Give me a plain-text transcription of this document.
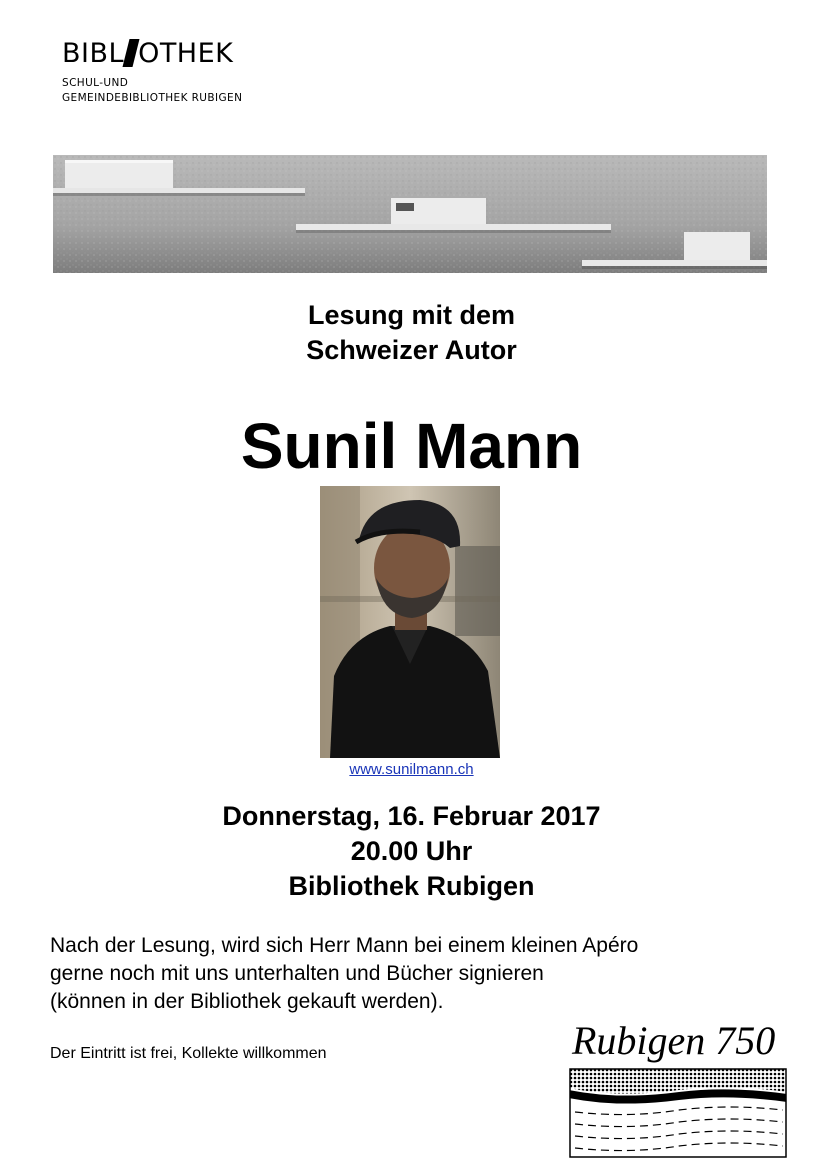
BIBL OTHEK
SCHUL-UND
GEMEINDEBIBLIOTHEK RUBIGEN
Lesung mit dem
Schweizer Autor
Sunil Mann
www.sunilmann.ch
Donnerstag, 16. Februar 2017
20.00 Uhr
Bibliothek Rubigen
Nach der Lesung, wird sich Herr Mann bei einem kleinen Apéro
gerne noch mit uns unterhalten und Bücher signieren
(können in der Bibliothek gekauft werden).
Der Eintritt ist frei, Kollekte willkommen	Rubigen 750
